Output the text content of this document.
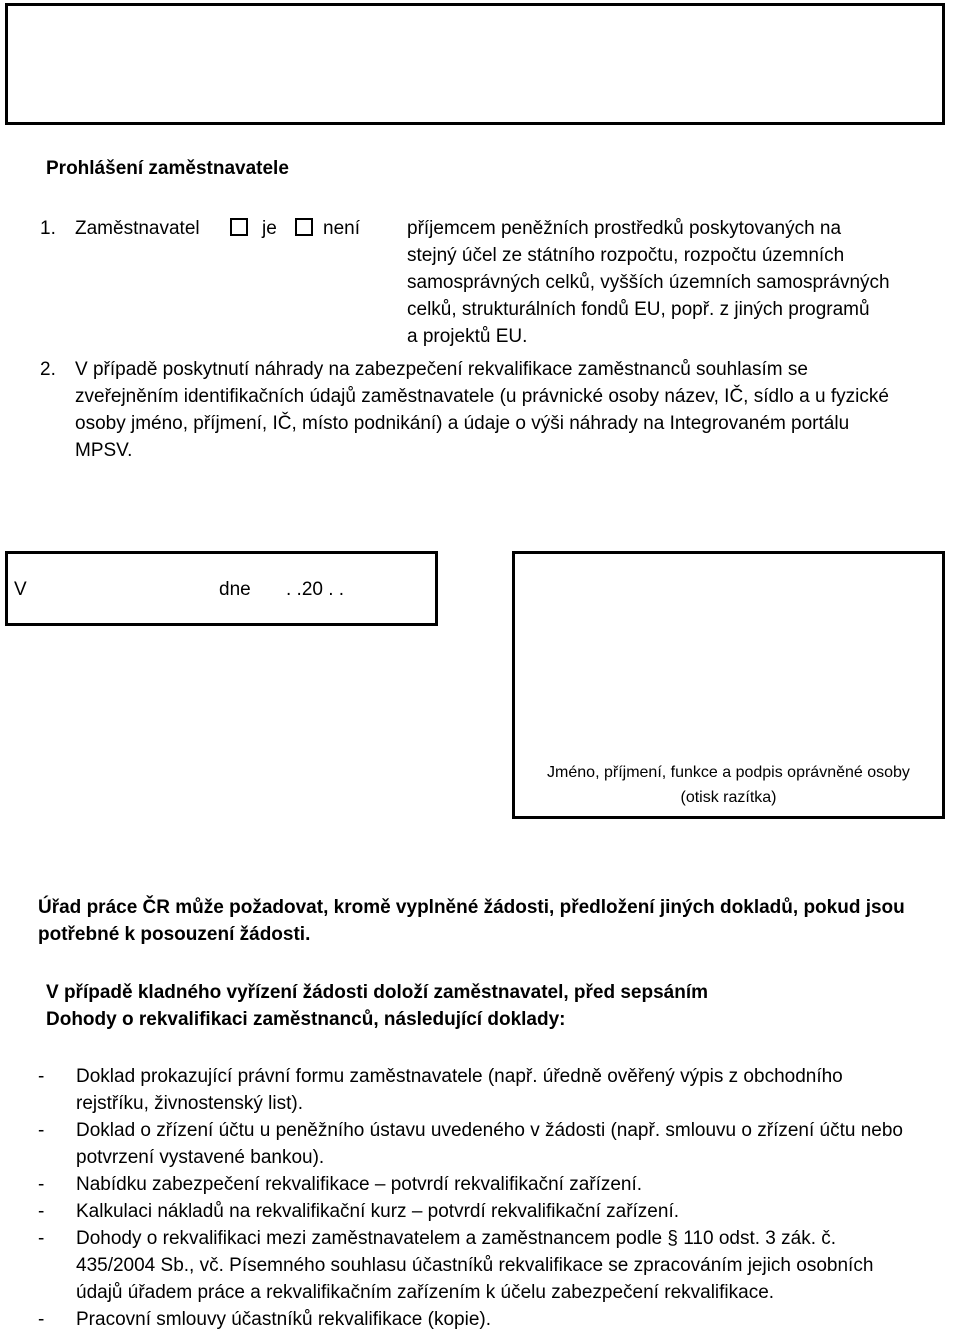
Prohlášení zaměstnavatele
1. Zaměstnavatel	je není příjemcem peněžních prostředků poskytovaných na
stejný účel ze státního rozpočtu, rozpočtu územních
samosprávných celků, vyšších územních samosprávných
celků, strukturálních fondů EU, popř. z jiných programů
a projektů EU.
2. V případě poskytnutí náhrady na zabezpečení rekvalifikace zaměstnanců souhlasím se
zveřejněním identifikačních údajů zaměstnavatele (u právnické osoby název, IČ, sídlo a u fyzické
osoby jméno, příjmení, IČ, místo podnikání) a údaje o výši náhrady na Integrovaném portálu
MPSV.
V	dne . .20 . .
Jméno, příjmení, funkce a podpis oprávněné osoby
(otisk razítka)
Úřad práce ČR může požadovat, kromě vyplněné žádosti, předložení jiných dokladů, pokud jsou
potřebné k posouzení žádosti.
V případě kladného vyřízení žádosti doloží zaměstnavatel, před sepsáním
Dohody o rekvalifikaci zaměstnanců, následující doklady:
- Doklad prokazující právní formu zaměstnavatele (např. úředně ověřený výpis z obchodního
rejstříku, živnostenský list).
- Doklad o zřízení účtu u peněžního ústavu uvedeného v žádosti (např. smlouvu o zřízení účtu nebo
potvrzení vystavené bankou).
- Nabídku zabezpečení rekvalifikace – potvrdí rekvalifikační zařízení.
- Kalkulaci nákladů na rekvalifikační kurz – potvrdí rekvalifikační zařízení.
- Dohody o rekvalifikaci mezi zaměstnavatelem a zaměstnancem podle § 110 odst. 3 zák. č.
435/2004 Sb., vč. Písemného souhlasu účastníků rekvalifikace se zpracováním jejich osobních
údajů úřadem práce a rekvalifikačním zařízením k účelu zabezpečení rekvalifikace.
- Pracovní smlouvy účastníků rekvalifikace (kopie).
